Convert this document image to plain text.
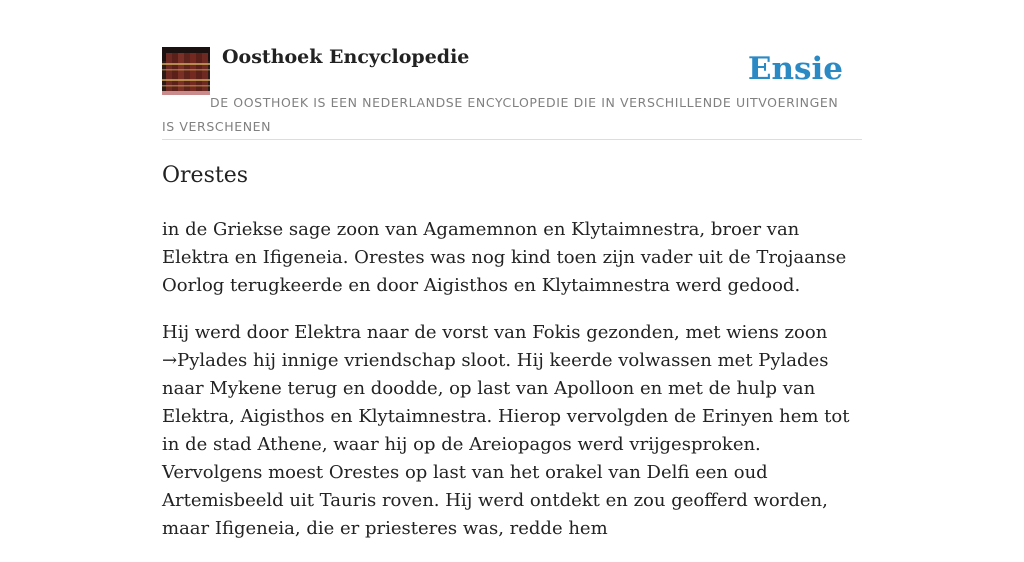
Oosthoek Encyclopedie	Ensie

DE OOSTHOEK IS EEN NEDERLANDSE ENCYCLOPEDIE DIE IN VERSCHILLENDE UITVOERINGEN IS VERSCHENEN

Orestes

in de Griekse sage zoon van Agamemnon en Klytaimnestra, broer van Elektra en Ifigeneia. Orestes was nog kind toen zijn vader uit de Trojaanse Oorlog terugkeerde en door Aigisthos en Klytaimnestra werd gedood.

Hij werd door Elektra naar de vorst van Fokis gezonden, met wiens zoon
→Pylades hij innige vriendschap sloot. Hij keerde volwassen met Pylades naar Mykene terug en doodde, op last van Apolloon en met de hulp van Elektra, Aigisthos en Klytaimnestra. Hierop vervolgden de Erinyen hem tot in de stad Athene, waar hij op de Areiopagos werd vrijgesproken. Vervolgens moest Orestes op last van het orakel van Delfi een oud Artemisbeeld uit Tauris roven. Hij werd ontdekt en zou geofferd worden, maar Ifigeneia, die er priesteres was, redde hem
